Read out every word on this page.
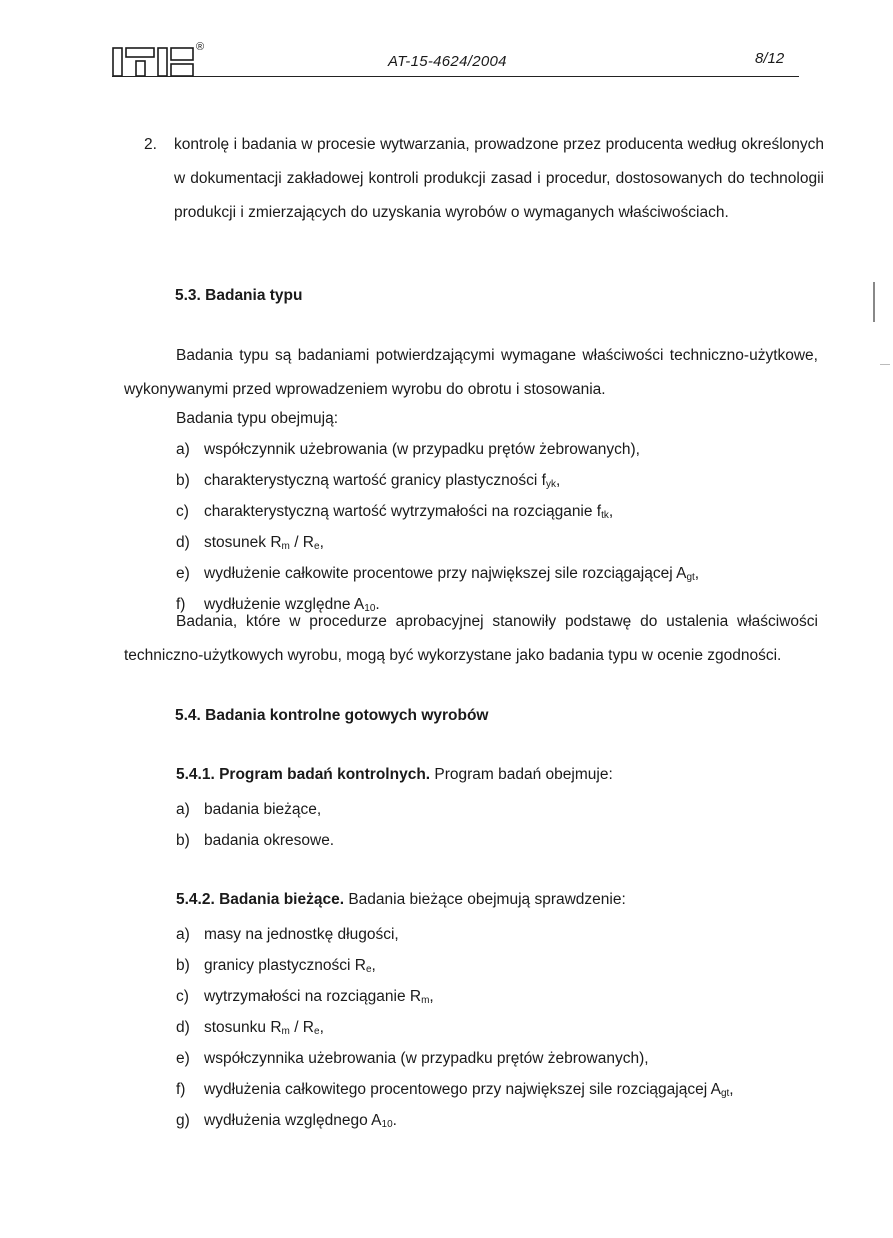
®
AT-15-4624/2004	8/12
2. kontrolę i badania w procesie wytwarzania, prowadzone przez producenta według określonych w dokumentacji zakładowej kontroli produkcji zasad i procedur, dostosowanych do technologii produkcji i zmierzających do uzyskania wyrobów o wymaganych właściwościach.
5.3. Badania typu
Badania typu są badaniami potwierdzającymi wymagane właściwości techniczno-użytkowe, wykonywanymi przed wprowadzeniem wyrobu do obrotu i stosowania.
Badania typu obejmują:
a) współczynnik użebrowania (w przypadku prętów żebrowanych),
b) charakterystyczną wartość granicy plastyczności $f_{yk}$,
c) charakterystyczną wartość wytrzymałości na rozciąganie $f_{tk}$,
d) stosunek $R_m / R_e$,
e) wydłużenie całkowite procentowe przy największej sile rozciągającej $A_{gt}$,
f) wydłużenie względne $A_{10}$.
Badania, które w procedurze aprobacyjnej stanowiły podstawę do ustalenia właściwości techniczno-użytkowych wyrobu, mogą być wykorzystane jako badania typu w ocenie zgodności.
5.4. Badania kontrolne gotowych wyrobów
5.4.1. Program badań kontrolnych. Program badań obejmuje:
a) badania bieżące,
b) badania okresowe.
5.4.2. Badania bieżące. Badania bieżące obejmują sprawdzenie:
a) masy na jednostkę długości,
b) granicy plastyczności $R_e$,
c) wytrzymałości na rozciąganie $R_m$,
d) stosunku $R_m / R_e$,
e) współczynnika użebrowania (w przypadku prętów żebrowanych),
f) wydłużenia całkowitego procentowego przy największej sile rozciągającej $A_{gt}$,
g) wydłużenia względnego $A_{10}$.
